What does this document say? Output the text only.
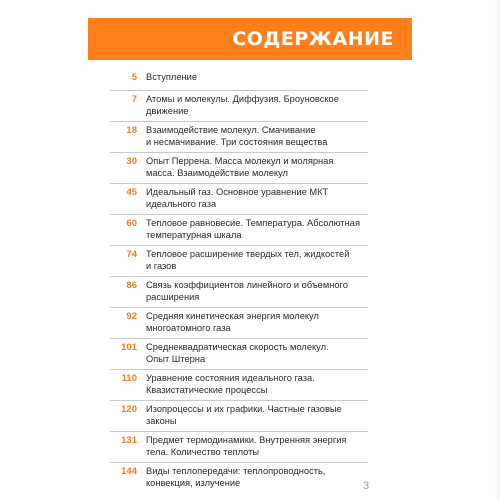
СОДЕРЖАНИЕ
5 Вступление
7 Атомы и молекулы. Диффузия. Броуновское
движение
18 Взаимодействие молекул. Смачивание
и несмачивание. Три состояния вещества
30 Опыт Перрена. Масса молекул и молярная
масса. Взаимодействие молекул
45 Идеальный газ. Основное уравнение МКТ
идеального газа
60 Тепловое равновесие. Температура. Абсолютная
температурная шкала
74 Тепловое расширение твердых тел, жидкостей
и газов
86 Связь коэффициентов линейного и объемного
расширения
92 Средняя кинетическая энергия молекул
многоатомного газа
101 Среднеквадратическая скорость молекул.
Опыт Штерна
110 Уравнение состояния идеального газа.
Квазистатические процессы
120 Изопроцессы и их графики. Частные газовые
законы
131 Предмет термодинамики. Внутренняя энергия
тела. Количество теплоты
144 Виды теплопередачи: теплопроводность,
конвекция, излучение	3
